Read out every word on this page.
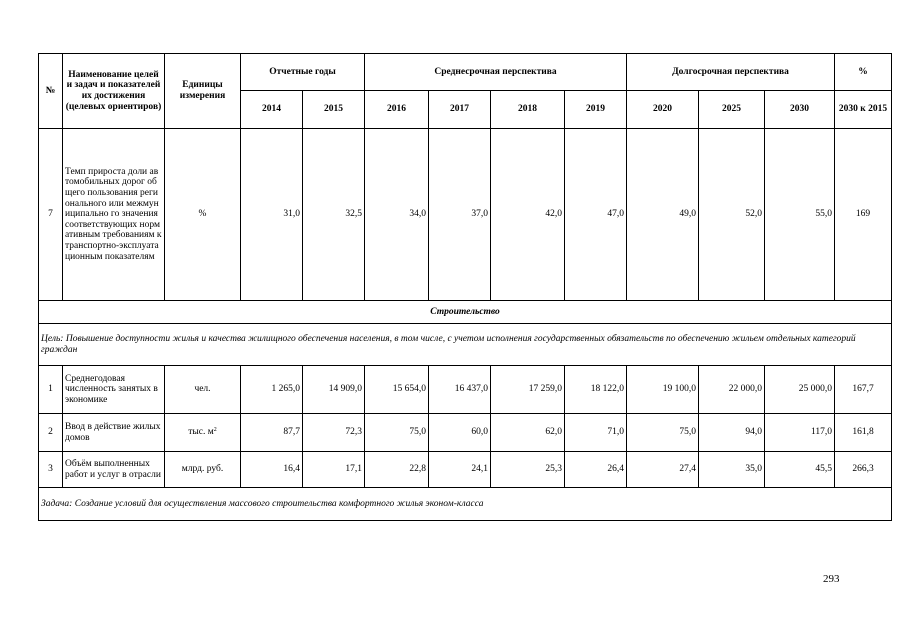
№	Наименование целей и задач и показателей их достижения (целевых ориентиров)	Единицы измерения	Отчетные годы		Среднесрочная перспектива				Долгосрочная перспектива			%
			2014	2015	2016	2017	2018	2019	2020	2025	2030	2030 к 2015
7	Темп прироста доли автомобильных дорог общего пользования регионального или межмуниципально го значения соответствующих нормативным требованиям к транспортно-эксплуатационным показателям	%	31,0	32,5	34,0	37,0	42,0	47,0	49,0	52,0	55,0	169
Строительство												
Цель: Повышение доступности жилья и качества жилищного обеспечения населения, в том числе, с учетом исполнения государственных обязательств по обеспечению жильем отдельных категорий граждан												
1	Среднегодовая численность занятых в экономике	чел.	1 265,0	14 909,0	15 654,0	16 437,0	17 259,0	18 122,0	19 100,0	22 000,0	25 000,0	167,7
2	Ввод в действие жилых домов	тыс. $м^2$	87,7	72,3	75,0	60,0	62,0	71,0	75,0	94,0	117,0	161,8
3	Объём выполненных работ и услуг в отрасли	млрд. руб.	16,4	17,1	22,8	24,1	25,3	26,4	27,4	35,0	45,5	266,3
Задача: Создание условий для осуществления массового строительства комфортного жилья эконом-класса												
293
